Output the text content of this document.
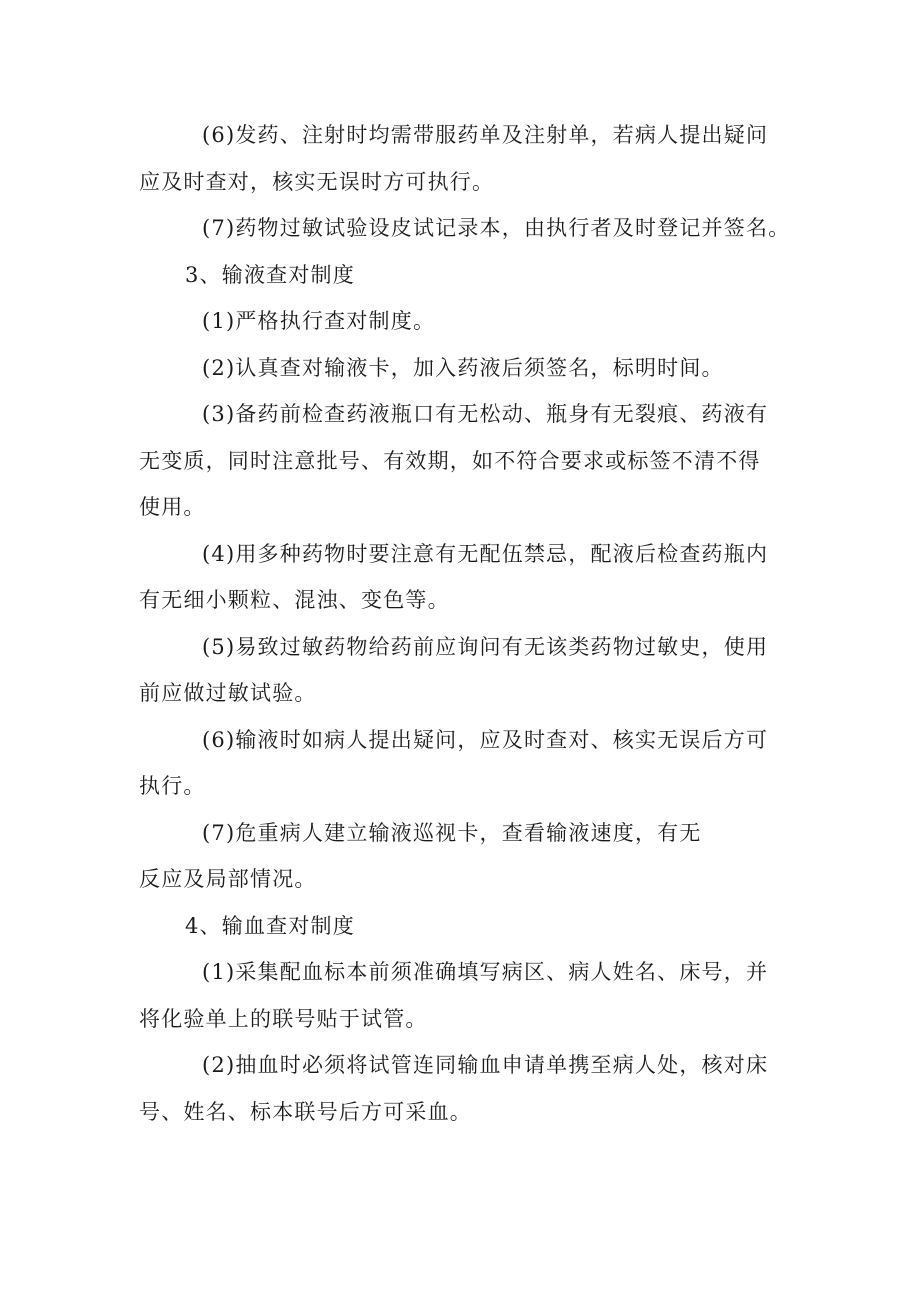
(6)发药、注射时均需带服药单及注射单，若病人提出疑问
应及时查对，核实无误时方可执行。

(7)药物过敏试验设皮试记录本，由执行者及时登记并签名。

3、输液查对制度

(1)严格执行查对制度。

(2)认真查对输液卡，加入药液后须签名，标明时间。

(3)备药前检查药液瓶口有无松动、瓶身有无裂痕、药液有
无变质，同时注意批号、有效期，如不符合要求或标签不清不得
使用。

(4)用多种药物时要注意有无配伍禁忌，配液后检查药瓶内
有无细小颗粒、混浊、变色等。

(5)易致过敏药物给药前应询问有无该类药物过敏史，使用
前应做过敏试验。

(6)输液时如病人提出疑问，应及时查对、核实无误后方可
执行。

(7)危重病人建立输液巡视卡，查看输液速度，有无
反应及局部情况。

4、输血查对制度

(1)采集配血标本前须准确填写病区、病人姓名、床号，并
将化验单上的联号贴于试管。

(2)抽血时必须将试管连同输血申请单携至病人处，核对床
号、姓名、标本联号后方可采血。
